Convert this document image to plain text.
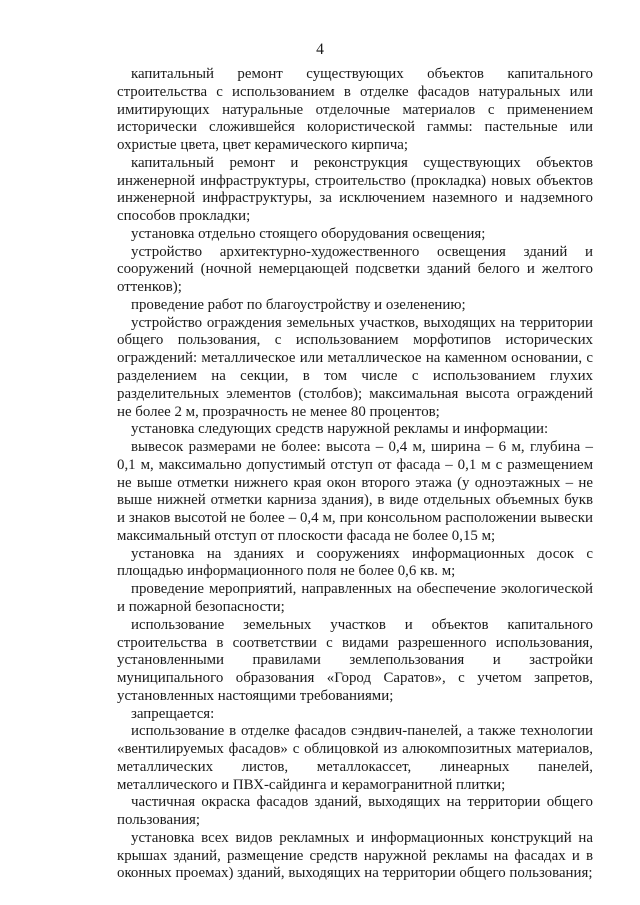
4

капитальный ремонт существующих объектов капитального строительства с использованием в отделке фасадов натуральных или имитирующих натуральные отделочные материалов с применением исторически сложившейся колористической гаммы: пастельные или охристые цвета, цвет керамического кирпича;

капитальный ремонт и реконструкция существующих объектов инженерной инфраструктуры, строительство (прокладка) новых объектов инженерной инфраструктуры, за исключением наземного и надземного способов прокладки;

установка отдельно стоящего оборудования освещения;

устройство архитектурно-художественного освещения зданий и сооружений (ночной немерцающей подсветки зданий белого и желтого оттенков);

проведение работ по благоустройству и озеленению;

устройство ограждения земельных участков, выходящих на территории общего пользования, с использованием морфотипов исторических ограждений: металлическое или металлическое на каменном основании, с разделением на секции, в том числе с использованием глухих разделительных элементов (столбов); максимальная высота ограждений не более 2 м, прозрачность не менее 80 процентов;

установка следующих средств наружной рекламы и информации:

вывесок размерами не более: высота – 0,4 м, ширина – 6 м, глубина – 0,1 м, максимально допустимый отступ от фасада – 0,1 м с размещением не выше отметки нижнего края окон второго этажа (у одноэтажных – не выше нижней отметки карниза здания), в виде отдельных объемных букв и знаков высотой не более – 0,4 м, при консольном расположении вывески максимальный отступ от плоскости фасада не более 0,15 м;

установка на зданиях и сооружениях информационных досок с площадью информационного поля не более 0,6 кв. м;

проведение мероприятий, направленных на обеспечение экологической и пожарной безопасности;

использование земельных участков и объектов капитального строительства в соответствии с видами разрешенного использования, установленными правилами землепользования и застройки муниципального образования «Город Саратов», с учетом запретов, установленных настоящими требованиями;

запрещается:

использование в отделке фасадов сэндвич-панелей, а также технологии «вентилируемых фасадов» с облицовкой из алюкомпозитных материалов, металлических листов, металлокассет, линеарных панелей, металлического и ПВХ-сайдинга и керамогранитной плитки;

частичная окраска фасадов зданий, выходящих на территории общего пользования;

установка всех видов рекламных и информационных конструкций на крышах зданий, размещение средств наружной рекламы на фасадах и в оконных проемах) зданий, выходящих на территории общего пользования;
